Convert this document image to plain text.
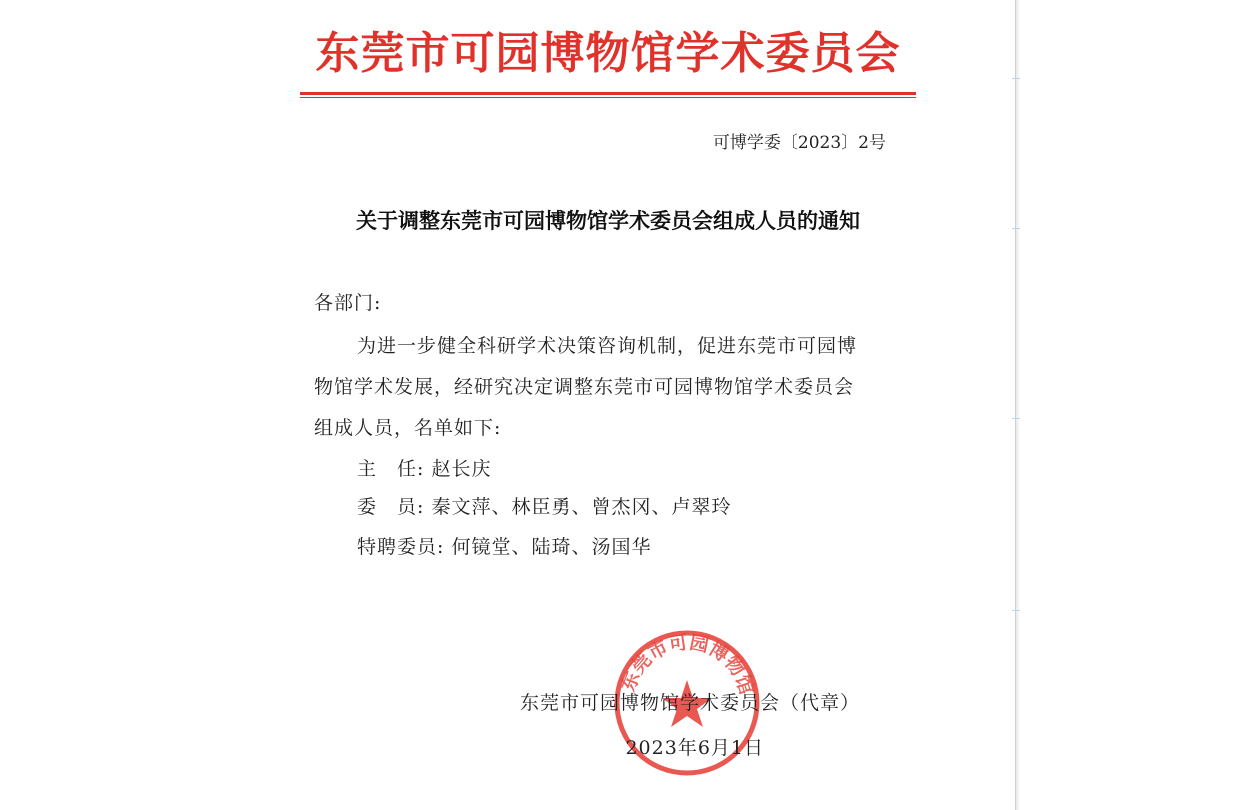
东莞市可园博物馆学术委员会
可博学委〔2023〕2号
关于调整东莞市可园博物馆学术委员会组成人员的通知
各部门:
为进一步健全科研学术决策咨询机制，促进东莞市可园博
物馆学术发展，经研究决定调整东莞市可园博物馆学术委员会
组成人员，名单如下:
主　任: 赵长庆
委　员: 秦文萍、林臣勇、曾杰冈、卢翠玲
特聘委员: 何镜堂、陆琦、汤国华
东莞市可园博物馆
东莞市可园博物馆学术委员会（代章）
2023年6月1日
